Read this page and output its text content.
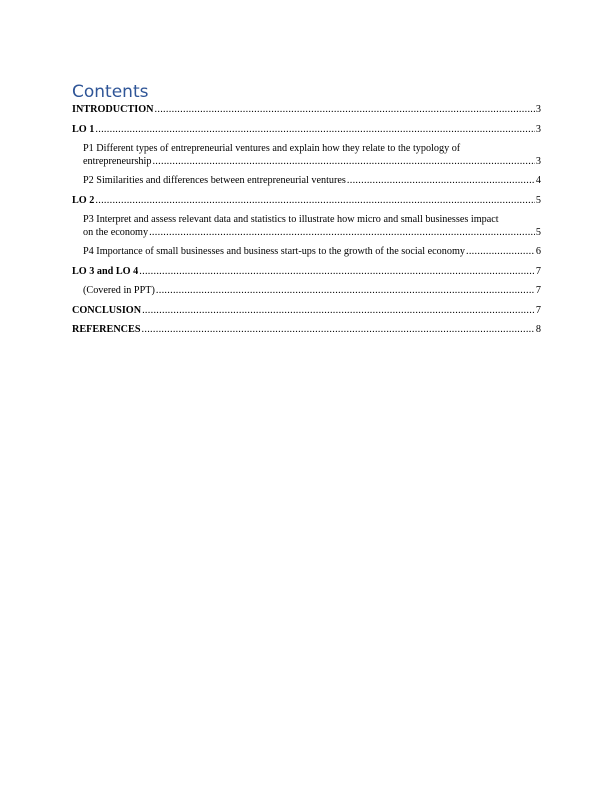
Contents
INTRODUCTION .....	3
LO 1 .....	3
P1 Different types of entrepreneurial ventures and explain how they relate to the typology of
entrepreneurship .....	3
P2 Similarities and differences between entrepreneurial ventures .....	4
LO 2 .....	5
P3 Interpret and assess relevant data and statistics to illustrate how micro and small businesses impact
on the economy .....	5
P4 Importance of small businesses and business start-ups to the growth of the social economy .....	6
LO 3 and LO 4 .....	7
(Covered in PPT) .....	7
CONCLUSION .....	7
REFERENCES .....	8
